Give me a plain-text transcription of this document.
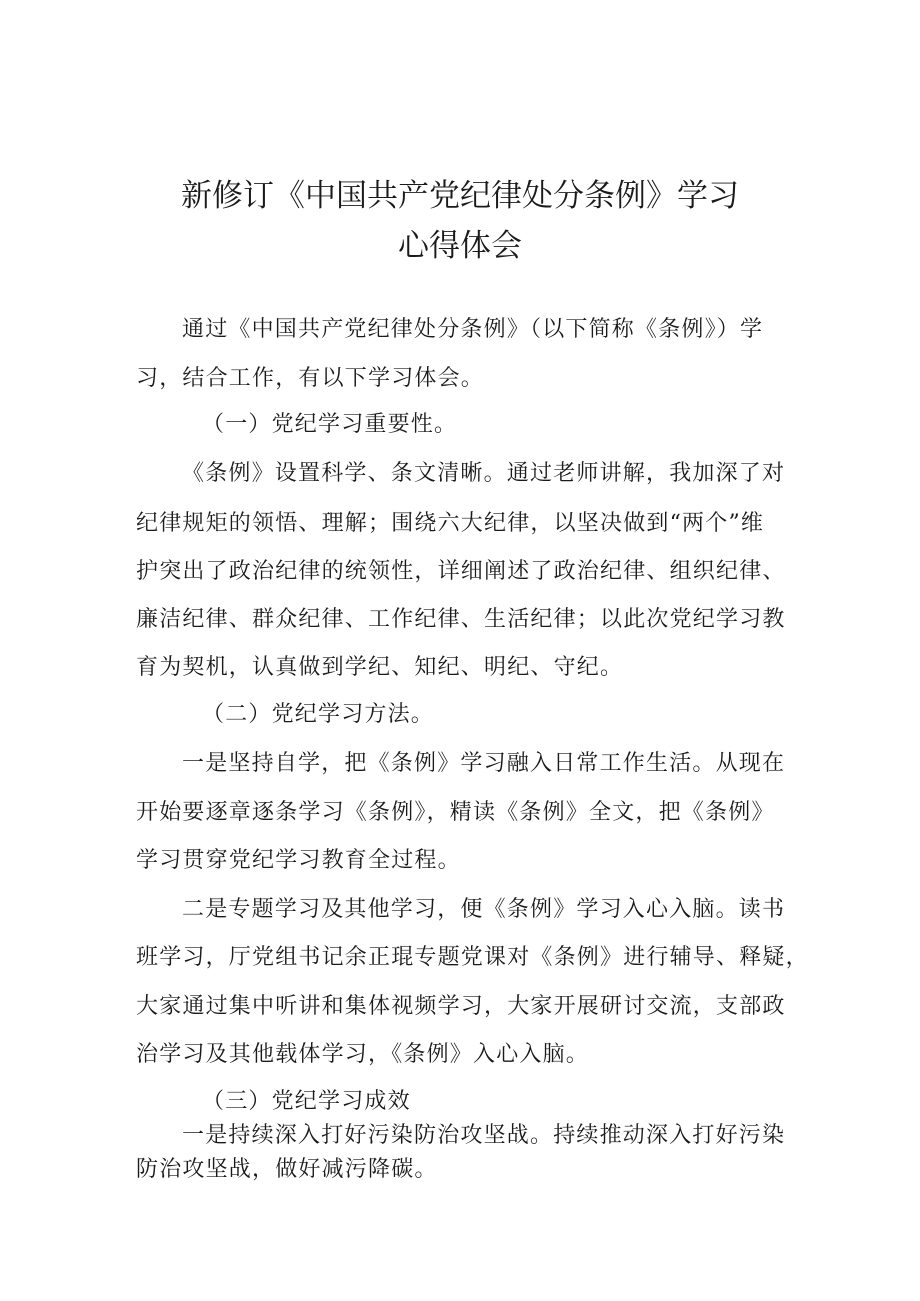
新修订《中国共产党纪律处分条例》学习
心得体会
通过《中国共产党纪律处分条例》（以下简称《条例》）学
习，结合工作，有以下学习体会。
（一）党纪学习重要性。
《条例》设置科学、条文清晰。通过老师讲解，我加深了对
纪律规矩的领悟、理解；围绕六大纪律，以坚决做到“两个”维
护突出了政治纪律的统领性，详细阐述了政治纪律、组织纪律、
廉洁纪律、群众纪律、工作纪律、生活纪律；以此次党纪学习教
育为契机，认真做到学纪、知纪、明纪、守纪。
（二）党纪学习方法。
一是坚持自学，把《条例》学习融入日常工作生活。从现在
开始要逐章逐条学习《条例》，精读《条例》全文，把《条例》
学习贯穿党纪学习教育全过程。
二是专题学习及其他学习，便《条例》学习入心入脑。读书
班学习，厅党组书记余正琨专题党课对《条例》进行辅导、释疑，
大家通过集中听讲和集体视频学习，大家开展研讨交流，支部政
治学习及其他载体学习，《条例》入心入脑。
（三）党纪学习成效
一是持续深入打好污染防治攻坚战。持续推动深入打好污染
防治攻坚战，做好减污降碳。
